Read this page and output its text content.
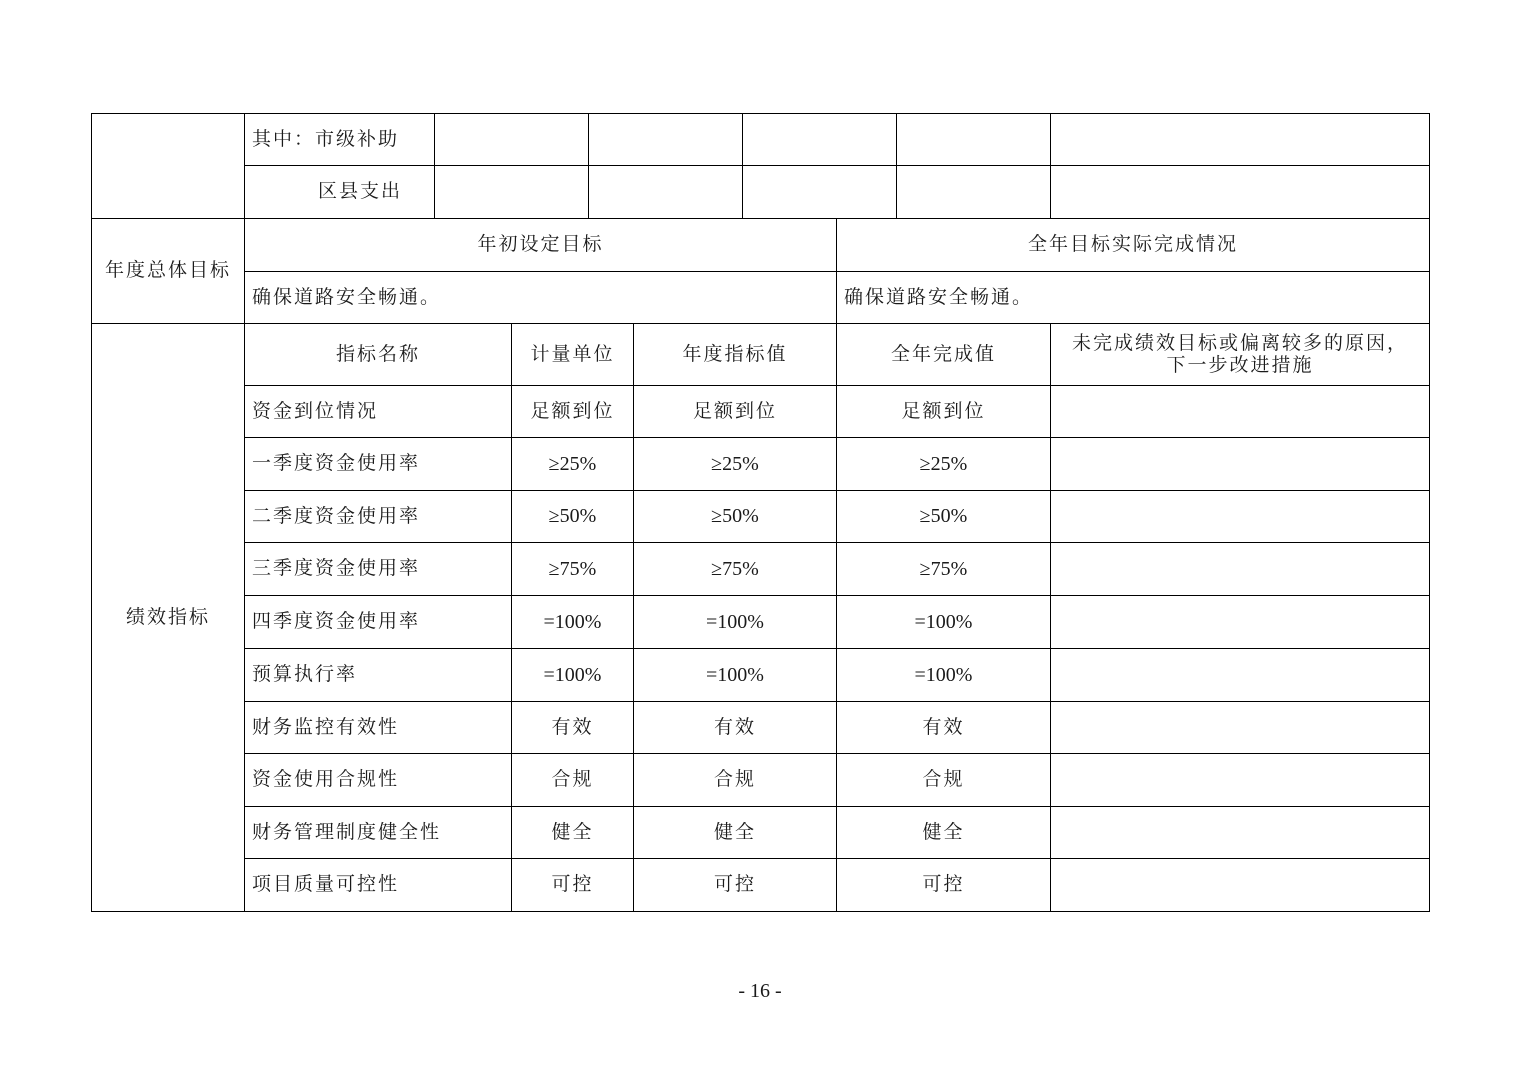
其中：市级补助
区县支出
年度总体目标
年初设定目标	全年目标实际完成情况
确保道路安全畅通。	确保道路安全畅通。
绩效指标
指标名称	计量单位	年度指标值	全年完成值	未完成绩效目标或偏离较多的原因，
下一步改进措施
资金到位情况	足额到位	足额到位	足额到位
一季度资金使用率	≥25%	≥25%	≥25%
二季度资金使用率	≥50%	≥50%	≥50%
三季度资金使用率	≥75%	≥75%	≥75%
四季度资金使用率	=100%	=100%	=100%
预算执行率	=100%	=100%	=100%
财务监控有效性	有效	有效	有效
资金使用合规性	合规	合规	合规
财务管理制度健全性	健全	健全	健全
项目质量可控性	可控	可控	可控
- 16 -
